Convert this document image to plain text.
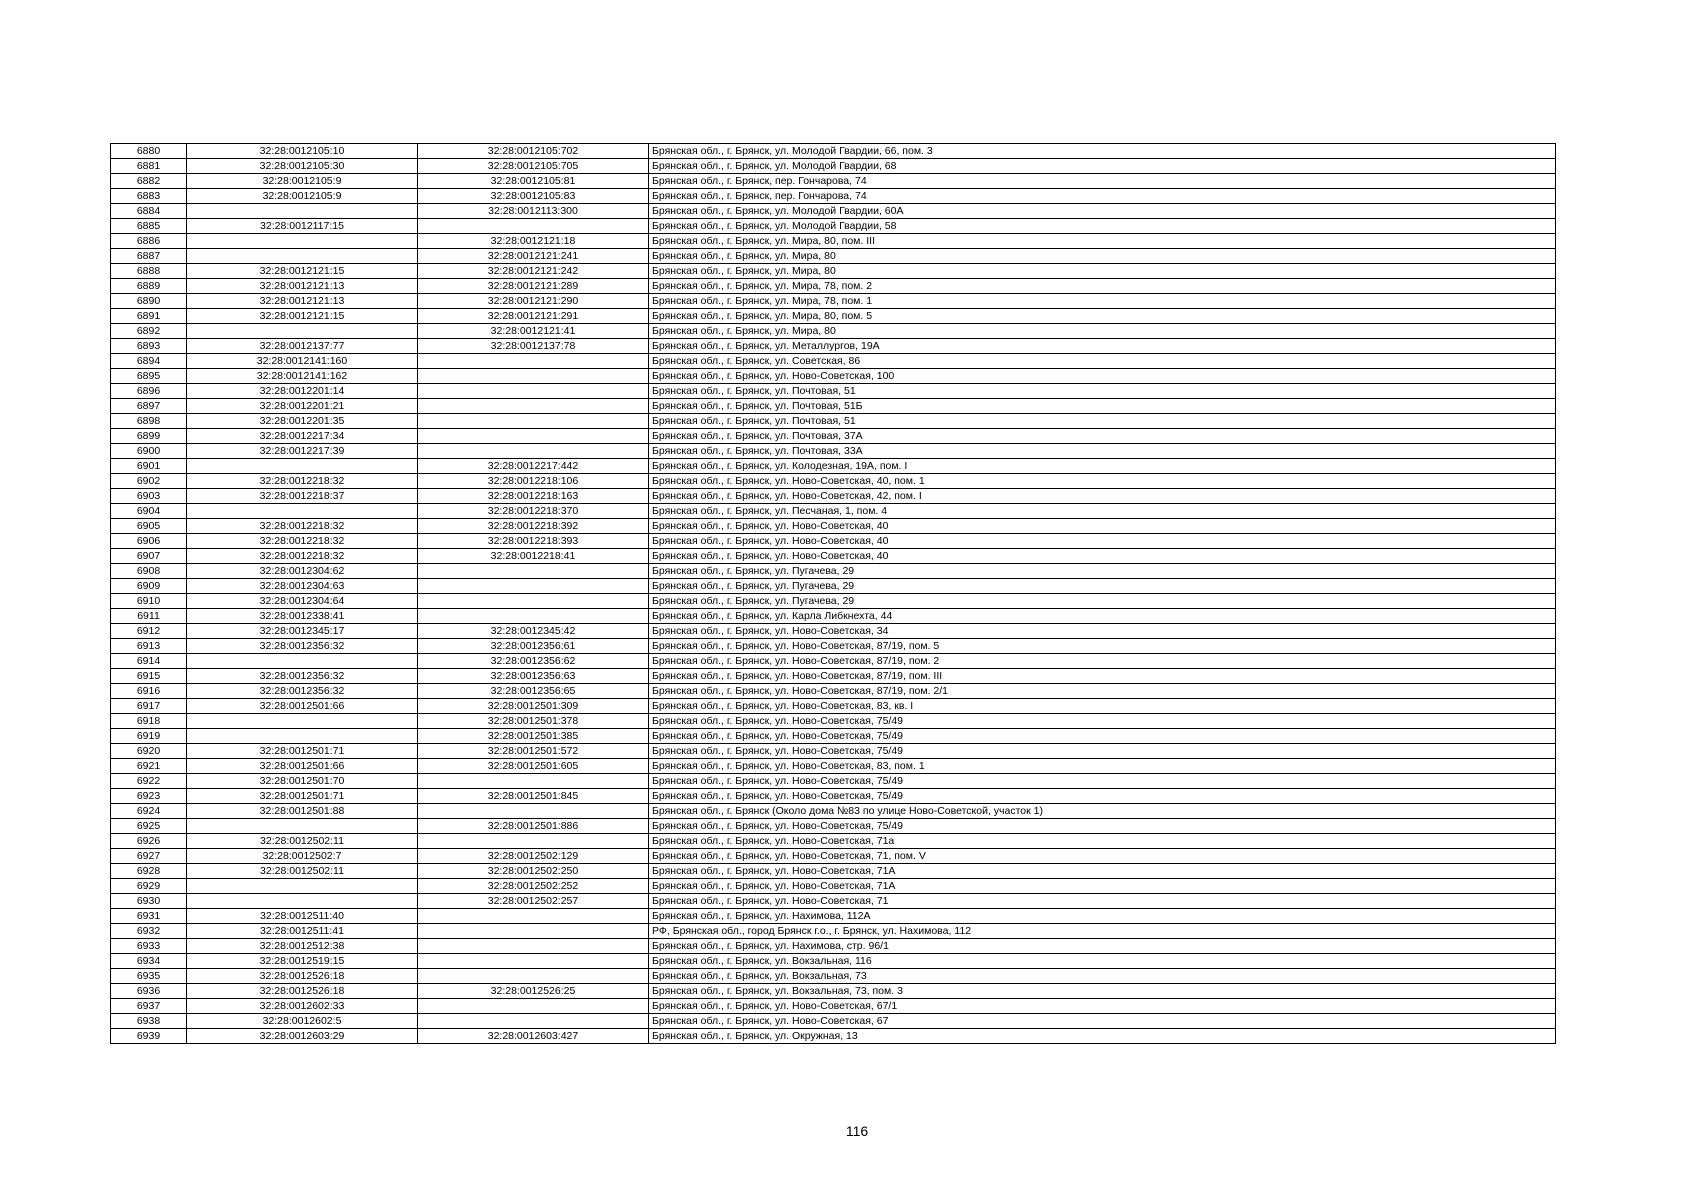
6880	32:28:0012105:10	32:28:0012105:702	Брянская обл., г. Брянск, ул. Молодой Гвардии, 66, пом. 3
6881	32:28:0012105:30	32:28:0012105:705	Брянская обл., г. Брянск, ул. Молодой Гвардии, 68
6882	32:28:0012105:9	32:28:0012105:81	Брянская обл., г. Брянск, пер. Гончарова, 74
6883	32:28:0012105:9	32:28:0012105:83	Брянская обл., г. Брянск, пер. Гончарова, 74
6884		32:28:0012113:300	Брянская обл., г. Брянск, ул. Молодой Гвардии, 60А
6885	32:28:0012117:15		Брянская обл., г. Брянск, ул. Молодой Гвардии, 58
6886		32:28:0012121:18	Брянская обл., г. Брянск, ул. Мира, 80, пом. III
6887		32:28:0012121:241	Брянская обл., г. Брянск, ул. Мира, 80
6888	32:28:0012121:15	32:28:0012121:242	Брянская обл., г. Брянск, ул. Мира, 80
6889	32:28:0012121:13	32:28:0012121:289	Брянская обл., г. Брянск, ул. Мира, 78, пом. 2
6890	32:28:0012121:13	32:28:0012121:290	Брянская обл., г. Брянск, ул. Мира, 78, пом. 1
6891	32:28:0012121:15	32:28:0012121:291	Брянская обл., г. Брянск, ул. Мира, 80, пом. 5
6892		32:28:0012121:41	Брянская обл., г. Брянск, ул. Мира, 80
6893	32:28:0012137:77	32:28:0012137:78	Брянская обл., г. Брянск, ул. Металлургов, 19А
6894	32:28:0012141:160		Брянская обл., г. Брянск, ул. Советская, 86
6895	32:28:0012141:162		Брянская обл., г. Брянск, ул. Ново-Советская, 100
6896	32:28:0012201:14		Брянская обл., г. Брянск, ул. Почтовая, 51
6897	32:28:0012201:21		Брянская обл., г. Брянск, ул. Почтовая, 51Б
6898	32:28:0012201:35		Брянская обл., г. Брянск, ул. Почтовая, 51
6899	32:28:0012217:34		Брянская обл., г. Брянск, ул. Почтовая, 37А
6900	32:28:0012217:39		Брянская обл., г. Брянск, ул. Почтовая, 33А
6901		32:28:0012217:442	Брянская обл., г. Брянск, ул. Колодезная, 19А, пом. I
6902	32:28:0012218:32	32:28:0012218:106	Брянская обл., г. Брянск, ул. Ново-Советская, 40, пом. 1
6903	32:28:0012218:37	32:28:0012218:163	Брянская обл., г. Брянск, ул. Ново-Советская, 42, пом. I
6904		32:28:0012218:370	Брянская обл., г. Брянск, ул. Песчаная, 1, пом. 4
6905	32:28:0012218:32	32:28:0012218:392	Брянская обл., г. Брянск, ул. Ново-Советская, 40
6906	32:28:0012218:32	32:28:0012218:393	Брянская обл., г. Брянск, ул. Ново-Советская, 40
6907	32:28:0012218:32	32:28:0012218:41	Брянская обл., г. Брянск, ул. Ново-Советская, 40
6908	32:28:0012304:62		Брянская обл., г. Брянск, ул. Пугачева, 29
6909	32:28:0012304:63		Брянская обл., г. Брянск, ул. Пугачева, 29
6910	32:28:0012304:64		Брянская обл., г. Брянск, ул. Пугачева, 29
6911	32:28:0012338:41		Брянская обл., г. Брянск, ул. Карла Либкнехта, 44
6912	32:28:0012345:17	32:28:0012345:42	Брянская обл., г. Брянск, ул. Ново-Советская, 34
6913	32:28:0012356:32	32:28:0012356:61	Брянская обл., г. Брянск, ул. Ново-Советская, 87/19, пом. 5
6914		32:28:0012356:62	Брянская обл., г. Брянск, ул. Ново-Советская, 87/19, пом. 2
6915	32:28:0012356:32	32:28:0012356:63	Брянская обл., г. Брянск, ул. Ново-Советская, 87/19, пом. III
6916	32:28:0012356:32	32:28:0012356:65	Брянская обл., г. Брянск, ул. Ново-Советская, 87/19, пом. 2/1
6917	32:28:0012501:66	32:28:0012501:309	Брянская обл., г. Брянск, ул. Ново-Советская, 83, кв. I
6918		32:28:0012501:378	Брянская обл., г. Брянск, ул. Ново-Советская, 75/49
6919		32:28:0012501:385	Брянская обл., г. Брянск, ул. Ново-Советская, 75/49
6920	32:28:0012501:71	32:28:0012501:572	Брянская обл., г. Брянск, ул. Ново-Советская, 75/49
6921	32:28:0012501:66	32:28:0012501:605	Брянская обл., г. Брянск, ул. Ново-Советская, 83, пом. 1
6922	32:28:0012501:70		Брянская обл., г. Брянск, ул. Ново-Советская, 75/49
6923	32:28:0012501:71	32:28:0012501:845	Брянская обл., г. Брянск, ул. Ново-Советская, 75/49
6924	32:28:0012501:88		Брянская обл., г. Брянск (Около дома №83 по улице Ново-Советской, участок 1)
6925		32:28:0012501:886	Брянская обл., г. Брянск, ул. Ново-Советская, 75/49
6926	32:28:0012502:11		Брянская обл., г. Брянск, ул. Ново-Советская, 71а
6927	32:28:0012502:7	32:28:0012502:129	Брянская обл., г. Брянск, ул. Ново-Советская, 71, пом. V
6928	32:28:0012502:11	32:28:0012502:250	Брянская обл., г. Брянск, ул. Ново-Советская, 71А
6929		32:28:0012502:252	Брянская обл., г. Брянск, ул. Ново-Советская, 71А
6930		32:28:0012502:257	Брянская обл., г. Брянск, ул. Ново-Советская, 71
6931	32:28:0012511:40		Брянская обл., г. Брянск, ул. Нахимова, 112А
6932	32:28:0012511:41		РФ, Брянская обл., город Брянск г.о., г. Брянск, ул. Нахимова, 112
6933	32:28:0012512:38		Брянская обл., г. Брянск, ул. Нахимова, стр. 96/1
6934	32:28:0012519:15		Брянская обл., г. Брянск, ул. Вокзальная, 116
6935	32:28:0012526:18		Брянская обл., г. Брянск, ул. Вокзальная, 73
6936	32:28:0012526:18	32:28:0012526:25	Брянская обл., г. Брянск, ул. Вокзальная, 73, пом. 3
6937	32:28:0012602:33		Брянская обл., г. Брянск, ул. Ново-Советская, 67/1
6938	32:28:0012602:5		Брянская обл., г. Брянск, ул. Ново-Советская, 67
6939	32:28:0012603:29	32:28:0012603:427	Брянская обл., г. Брянск, ул. Окружная, 13
116
